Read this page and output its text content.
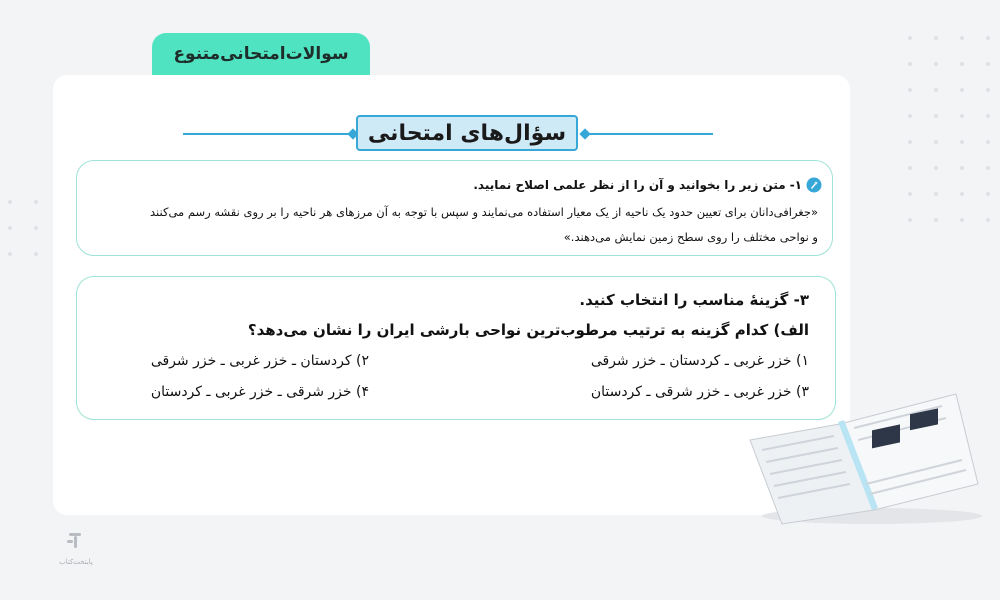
سوالات‌امتحانی‌متنوع
سؤال‌های امتحانی
۱-
متن زیر را بخوانید و آن را از نظر علمی اصلاح نمایید.
«جغرافی‌دانان برای تعیین حدود یک ناحیه از یک معیار استفاده می‌نمایند و سپس با توجه به آن مرزهای هر ناحیه را بر روی نقشه رسم می‌کنند
و نواحی مختلف را روی سطح زمین نمایش می‌دهند.»
۳- گزینهٔ مناسب را انتخاب کنید.
الف) کدام گزینه به ترتیب مرطوب‌ترین نواحی بارشی ایران را نشان می‌دهد؟
۱) خزر غربی ـ کردستان ـ خزر شرقی
۲) کردستان ـ خزر غربی ـ خزر شرقی
۳) خزر غربی ـ خزر شرقی ـ کردستان
۴) خزر شرقی ـ خزر غربی ـ کردستان
پایتخت‌کتاب
